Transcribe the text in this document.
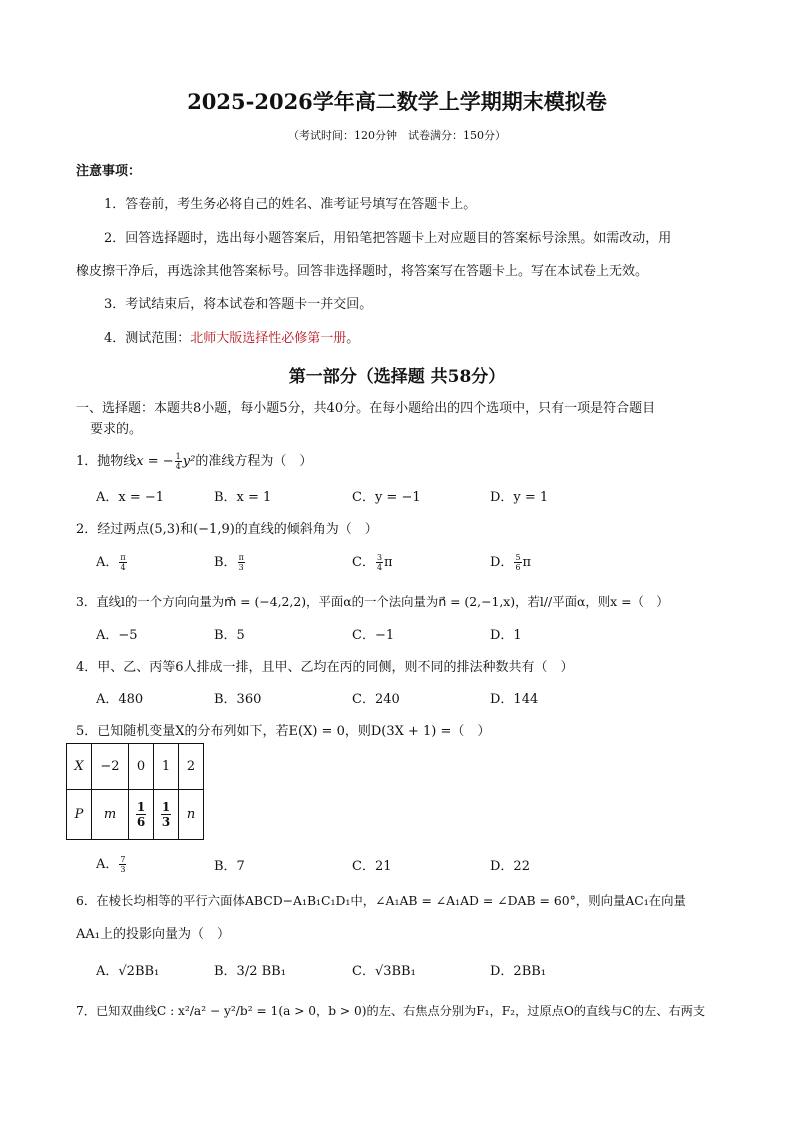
2025-2026学年高二数学上学期期末模拟卷
（考试时间：120分钟　试卷满分：150分）
注意事项：
1．答卷前，考生务必将自己的姓名、准考证号填写在答题卡上。
2．回答选择题时，选出每小题答案后，用铅笔把答题卡上对应题目的答案标号涂黑。如需改动，用
橡皮擦干净后，再选涂其他答案标号。回答非选择题时，将答案写在答题卡上。写在本试卷上无效。
3．考试结束后，将本试卷和答题卡一并交回。
4．测试范围：北师大版选择性必修第一册。
第一部分（选择题 共58分）
一、选择题：本题共8小题，每小题5分，共40分。在每小题给出的四个选项中，只有一项是符合题目
要求的。
1．抛物线x = − $\frac{1}{4} y^2$的准线方程为（　）
A．x = −1	B．x = 1	C．y = −1	D．y = 1
2．经过两点(5,3)和(−1,9)的直线的倾斜角为（　）
A． $\frac{\pi}{4}$	B． $\frac{\pi}{3}$	C． $\frac{3}{4}$ π	D． $\frac{5}{6}$ π
3．直线l的一个方向向量为m⃗ = (−4,2,2)，平面α的一个法向量为n⃗ = (2,−1,x)，若l//平面α，则x =（　）
A．−5	B．5	C．−1	D．1
4．甲、乙、丙等6人排成一排，且甲、乙均在丙的同侧，则不同的排法种数共有（　）
A．480	B．360	C．240	D．144
5．已知随机变量X的分布列如下，若E(X) = 0，则D(3X + 1) =（　）
X	−2	0	1	2
P	m	$\frac{1}{6}$	$\frac{1}{3}$	n
A． $\frac{7}{3}$	B．7	C．21	D．22
6．在棱长均相等的平行六面体ABCD−A₁B₁C₁D₁中，∠A₁AB = ∠A₁AD = ∠DAB = 60°，则向量AC₁在向量
AA₁上的投影向量为（　）
A．√2BB₁	B．3/2 BB₁	C．√3BB₁	D．2BB₁
7．已知双曲线C : x²/a² − y²/b² = 1(a > 0，b > 0)的左、右焦点分别为F₁，F₂，过原点O的直线与C的左、右两支
